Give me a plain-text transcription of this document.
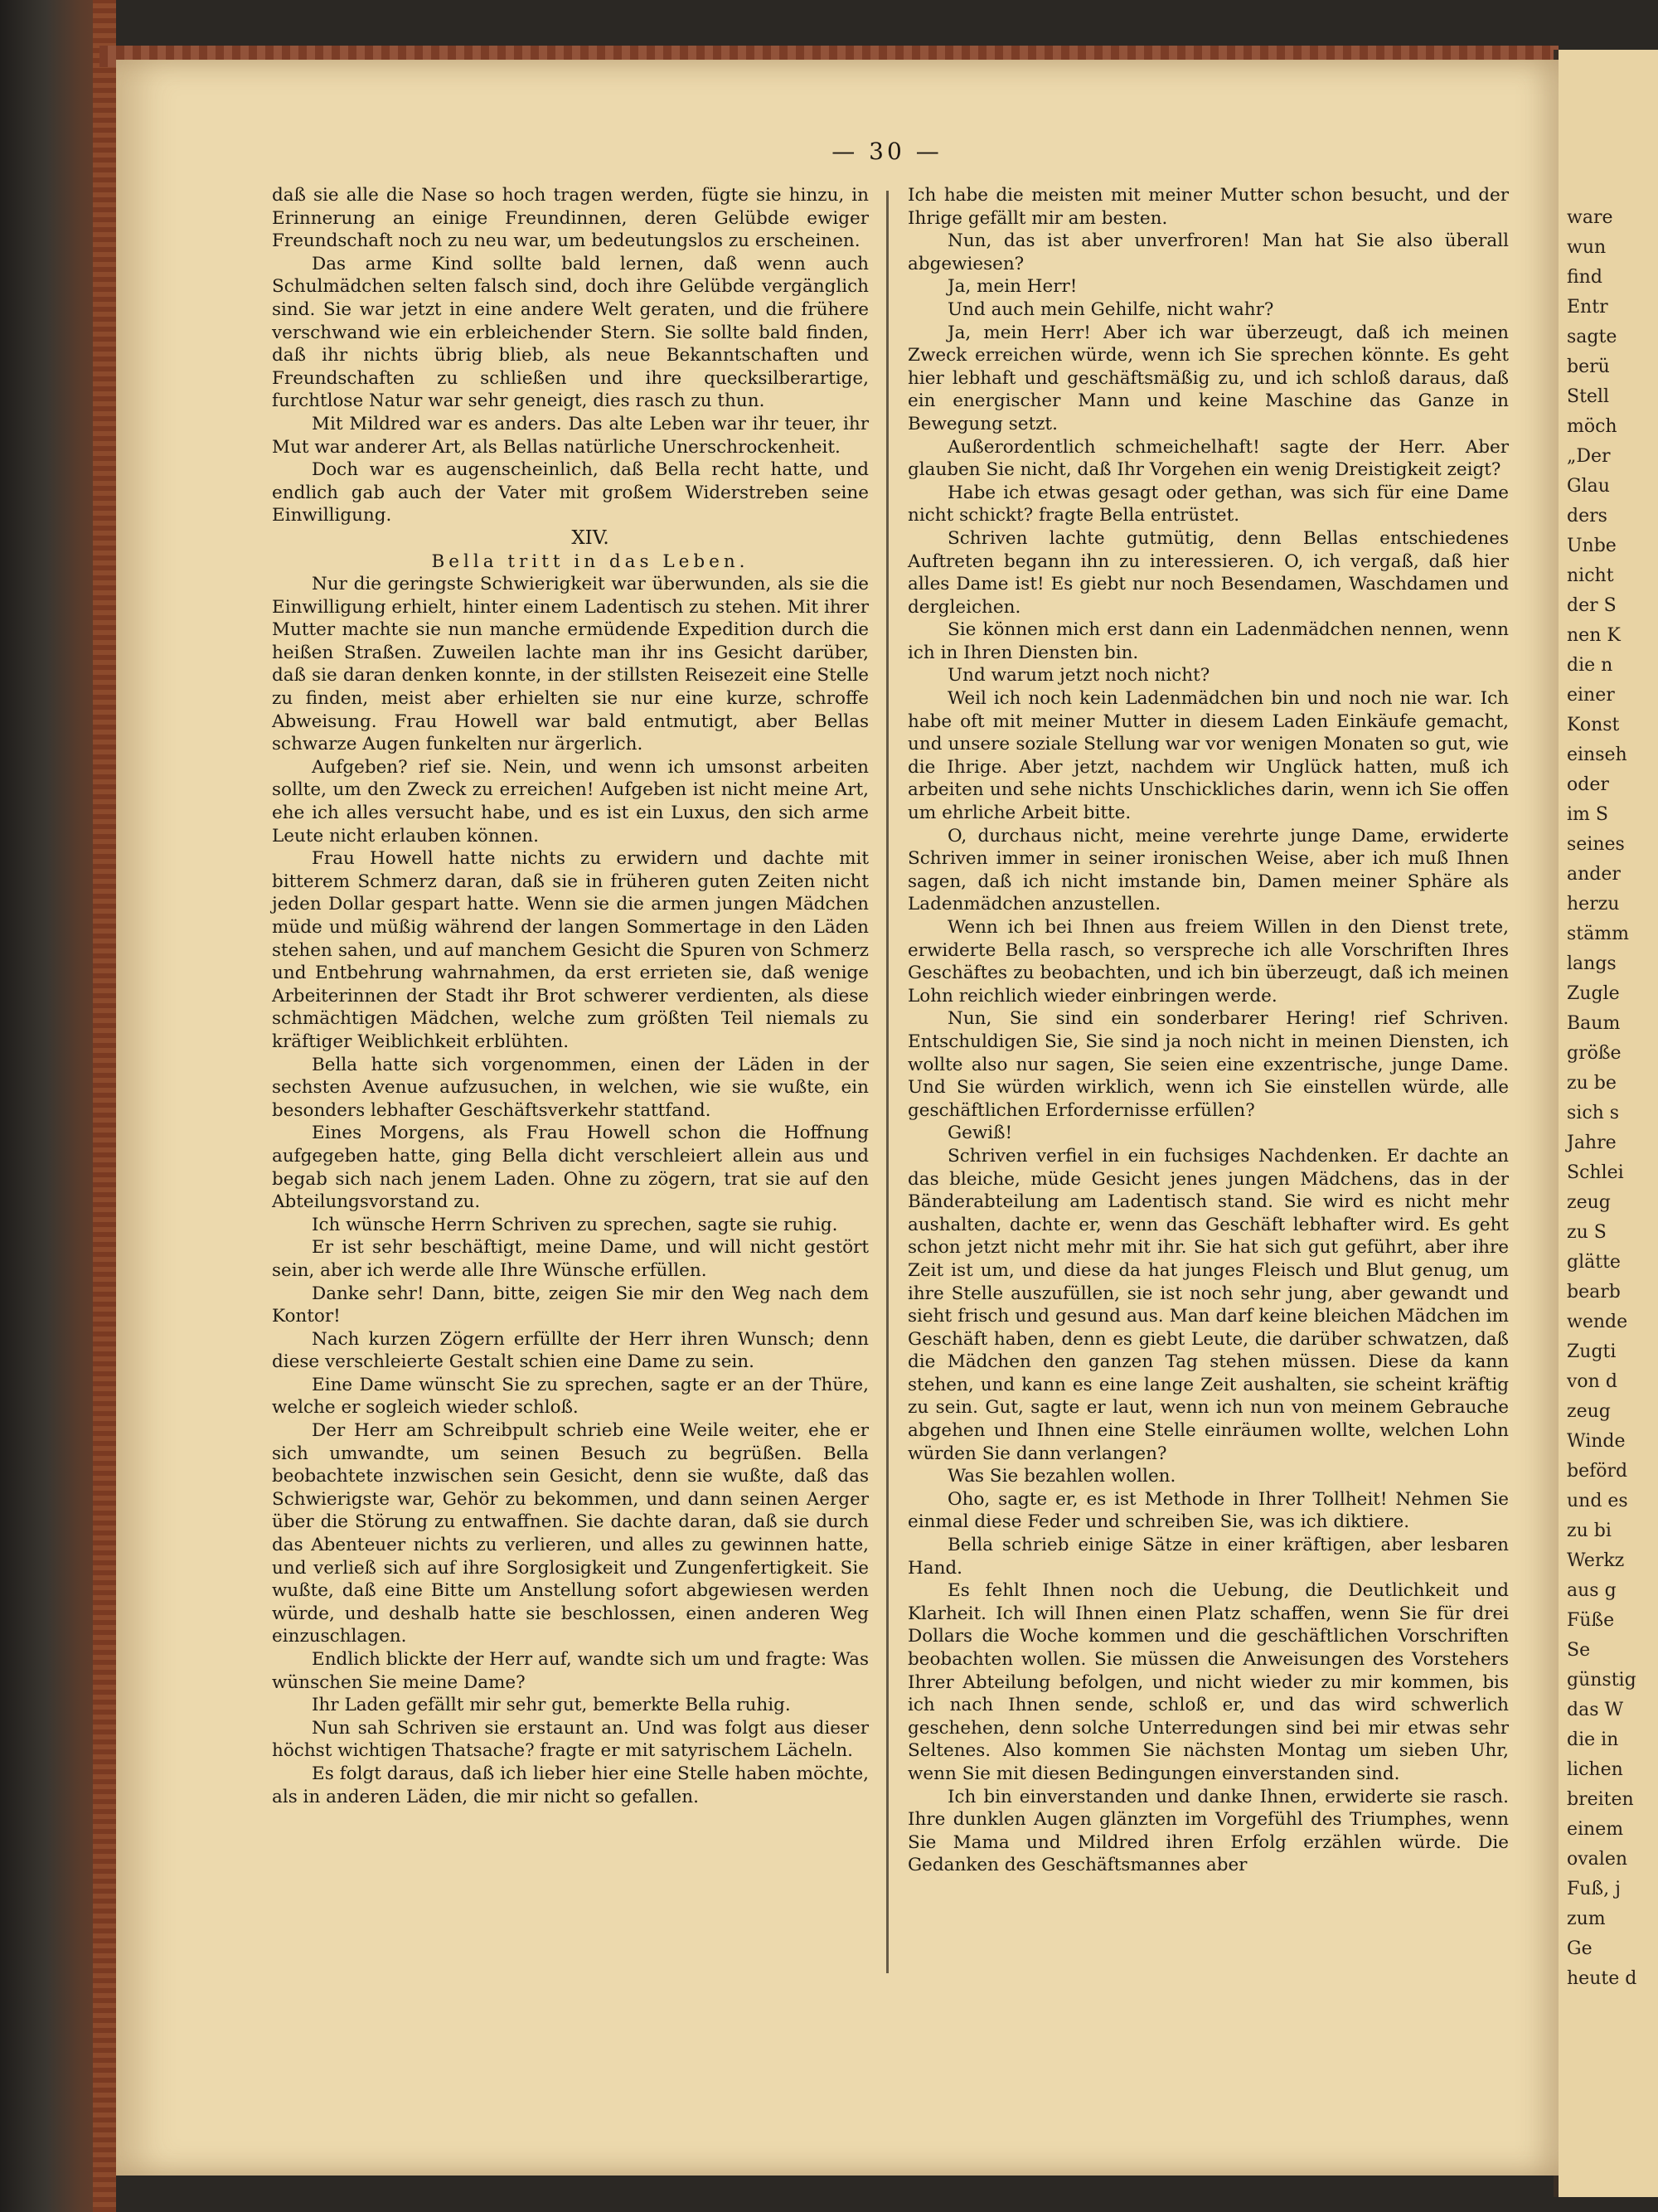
ware
wun
find
Entr
sagte
berü
Stell
möch
„Der
Glau
ders
Unbe
nicht
der S
nen K
die n
einer
Konst
einseh
oder
im S
seines
ander
herzu
stämm
langs
Zugle
Baum
größe
zu be
sich s
Jahre
Schlei
zeug
zu S
glätte
bearb
wende
Zugti
von d
zeug
Winde
beförd
und es
zu bi
Werkz
aus g
Füße
Se
günstig
das W
die in
lichen
breiten
einem
ovalen
Fuß, j
zum
Ge
heute d
— 30 —

daß sie alle die Nase so hoch tragen werden, fügte sie hinzu, in Erinnerung an einige Freundinnen, deren Gelübde ewiger Freundschaft noch zu neu war, um bedeutungslos zu erscheinen.

Das arme Kind sollte bald lernen, daß wenn auch Schulmädchen selten falsch sind, doch ihre Gelübde vergänglich sind. Sie war jetzt in eine andere Welt geraten, und die frühere verschwand wie ein erbleichender Stern. Sie sollte bald finden, daß ihr nichts übrig blieb, als neue Bekanntschaften und Freundschaften zu schließen und ihre quecksilberartige, furchtlose Natur war sehr geneigt, dies rasch zu thun.

Mit Mildred war es anders. Das alte Leben war ihr teuer, ihr Mut war anderer Art, als Bellas natürliche Unerschrockenheit.

Doch war es augenscheinlich, daß Bella recht hatte, und endlich gab auch der Vater mit großem Widerstreben seine Einwilligung.

XIV.

Bella tritt in das Leben.

Nur die geringste Schwierigkeit war überwunden, als sie die Einwilligung erhielt, hinter einem Ladentisch zu stehen. Mit ihrer Mutter machte sie nun manche ermüdende Expedition durch die heißen Straßen. Zuweilen lachte man ihr ins Gesicht darüber, daß sie daran denken konnte, in der stillsten Reisezeit eine Stelle zu finden, meist aber erhielten sie nur eine kurze, schroffe Abweisung. Frau Howell war bald entmutigt, aber Bellas schwarze Augen funkelten nur ärgerlich.

Aufgeben? rief sie. Nein, und wenn ich umsonst arbeiten sollte, um den Zweck zu erreichen! Aufgeben ist nicht meine Art, ehe ich alles versucht habe, und es ist ein Luxus, den sich arme Leute nicht erlauben können.

Frau Howell hatte nichts zu erwidern und dachte mit bitterem Schmerz daran, daß sie in früheren guten Zeiten nicht jeden Dollar gespart hatte. Wenn sie die armen jungen Mädchen müde und müßig während der langen Sommertage in den Läden stehen sahen, und auf manchem Gesicht die Spuren von Schmerz und Entbehrung wahrnahmen, da erst errieten sie, daß wenige Arbeiterinnen der Stadt ihr Brot schwerer verdienten, als diese schmächtigen Mädchen, welche zum größten Teil niemals zu kräftiger Weiblichkeit erblühten.

Bella hatte sich vorgenommen, einen der Läden in der sechsten Avenue aufzusuchen, in welchen, wie sie wußte, ein besonders lebhafter Geschäftsverkehr stattfand.

Eines Morgens, als Frau Howell schon die Hoffnung aufgegeben hatte, ging Bella dicht verschleiert allein aus und begab sich nach jenem Laden. Ohne zu zögern, trat sie auf den Abteilungsvorstand zu.

Ich wünsche Herrn Schriven zu sprechen, sagte sie ruhig.

Er ist sehr beschäftigt, meine Dame, und will nicht gestört sein, aber ich werde alle Ihre Wünsche erfüllen.

Danke sehr! Dann, bitte, zeigen Sie mir den Weg nach dem Kontor!

Nach kurzen Zögern erfüllte der Herr ihren Wunsch; denn diese verschleierte Gestalt schien eine Dame zu sein.

Eine Dame wünscht Sie zu sprechen, sagte er an der Thüre, welche er sogleich wieder schloß.

Der Herr am Schreibpult schrieb eine Weile weiter, ehe er sich umwandte, um seinen Besuch zu begrüßen. Bella beobachtete inzwischen sein Gesicht, denn sie wußte, daß das Schwierigste war, Gehör zu bekommen, und dann seinen Aerger über die Störung zu entwaffnen. Sie dachte daran, daß sie durch das Abenteuer nichts zu verlieren, und alles zu gewinnen hatte, und verließ sich auf ihre Sorglosigkeit und Zungenfertigkeit. Sie wußte, daß eine Bitte um Anstellung sofort abgewiesen werden würde, und deshalb hatte sie beschlossen, einen anderen Weg einzuschlagen.

Endlich blickte der Herr auf, wandte sich um und fragte: Was wünschen Sie meine Dame?

Ihr Laden gefällt mir sehr gut, bemerkte Bella ruhig.

Nun sah Schriven sie erstaunt an. Und was folgt aus dieser höchst wichtigen Thatsache? fragte er mit satyrischem Lächeln.

Es folgt daraus, daß ich lieber hier eine Stelle haben möchte, als in anderen Läden, die mir nicht so gefallen.

Ich habe die meisten mit meiner Mutter schon besucht, und der Ihrige gefällt mir am besten.

Nun, das ist aber unverfroren! Man hat Sie also überall abgewiesen?

Ja, mein Herr!

Und auch mein Gehilfe, nicht wahr?

Ja, mein Herr! Aber ich war überzeugt, daß ich meinen Zweck erreichen würde, wenn ich Sie sprechen könnte. Es geht hier lebhaft und geschäftsmäßig zu, und ich schloß daraus, daß ein energischer Mann und keine Maschine das Ganze in Bewegung setzt.

Außerordentlich schmeichelhaft! sagte der Herr. Aber glauben Sie nicht, daß Ihr Vorgehen ein wenig Dreistigkeit zeigt?

Habe ich etwas gesagt oder gethan, was sich für eine Dame nicht schickt? fragte Bella entrüstet.

Schriven lachte gutmütig, denn Bellas entschiedenes Auftreten begann ihn zu interessieren. O, ich vergaß, daß hier alles Dame ist! Es giebt nur noch Besendamen, Waschdamen und dergleichen.

Sie können mich erst dann ein Ladenmädchen nennen, wenn ich in Ihren Diensten bin.

Und warum jetzt noch nicht?

Weil ich noch kein Ladenmädchen bin und noch nie war. Ich habe oft mit meiner Mutter in diesem Laden Einkäufe gemacht, und unsere soziale Stellung war vor wenigen Monaten so gut, wie die Ihrige. Aber jetzt, nachdem wir Unglück hatten, muß ich arbeiten und sehe nichts Unschickliches darin, wenn ich Sie offen um ehrliche Arbeit bitte.

O, durchaus nicht, meine verehrte junge Dame, erwiderte Schriven immer in seiner ironischen Weise, aber ich muß Ihnen sagen, daß ich nicht imstande bin, Damen meiner Sphäre als Ladenmädchen anzustellen.

Wenn ich bei Ihnen aus freiem Willen in den Dienst trete, erwiderte Bella rasch, so verspreche ich alle Vorschriften Ihres Geschäftes zu beobachten, und ich bin überzeugt, daß ich meinen Lohn reichlich wieder einbringen werde.

Nun, Sie sind ein sonderbarer Hering! rief Schriven. Entschuldigen Sie, Sie sind ja noch nicht in meinen Diensten, ich wollte also nur sagen, Sie seien eine exzentrische, junge Dame. Und Sie würden wirklich, wenn ich Sie einstellen würde, alle geschäftlichen Erfordernisse erfüllen?

Gewiß!

Schriven verfiel in ein fuchsiges Nachdenken. Er dachte an das bleiche, müde Gesicht jenes jungen Mädchens, das in der Bänderabteilung am Ladentisch stand. Sie wird es nicht mehr aushalten, dachte er, wenn das Geschäft lebhafter wird. Es geht schon jetzt nicht mehr mit ihr. Sie hat sich gut geführt, aber ihre Zeit ist um, und diese da hat junges Fleisch und Blut genug, um ihre Stelle auszufüllen, sie ist noch sehr jung, aber gewandt und sieht frisch und gesund aus. Man darf keine bleichen Mädchen im Geschäft haben, denn es giebt Leute, die darüber schwatzen, daß die Mädchen den ganzen Tag stehen müssen. Diese da kann stehen, und kann es eine lange Zeit aushalten, sie scheint kräftig zu sein. Gut, sagte er laut, wenn ich nun von meinem Gebrauche abgehen und Ihnen eine Stelle einräumen wollte, welchen Lohn würden Sie dann verlangen?

Was Sie bezahlen wollen.

Oho, sagte er, es ist Methode in Ihrer Tollheit! Nehmen Sie einmal diese Feder und schreiben Sie, was ich diktiere.

Bella schrieb einige Sätze in einer kräftigen, aber lesbaren Hand.

Es fehlt Ihnen noch die Uebung, die Deutlichkeit und Klarheit. Ich will Ihnen einen Platz schaffen, wenn Sie für drei Dollars die Woche kommen und die geschäftlichen Vorschriften beobachten wollen. Sie müssen die Anweisungen des Vorstehers Ihrer Abteilung befolgen, und nicht wieder zu mir kommen, bis ich nach Ihnen sende, schloß er, und das wird schwerlich geschehen, denn solche Unterredungen sind bei mir etwas sehr Seltenes. Also kommen Sie nächsten Montag um sieben Uhr, wenn Sie mit diesen Bedingungen einverstanden sind.

Ich bin einverstanden und danke Ihnen, erwiderte sie rasch. Ihre dunklen Augen glänzten im Vorgefühl des Triumphes, wenn Sie Mama und Mildred ihren Erfolg erzählen würde. Die Gedanken des Geschäftsmannes aber
